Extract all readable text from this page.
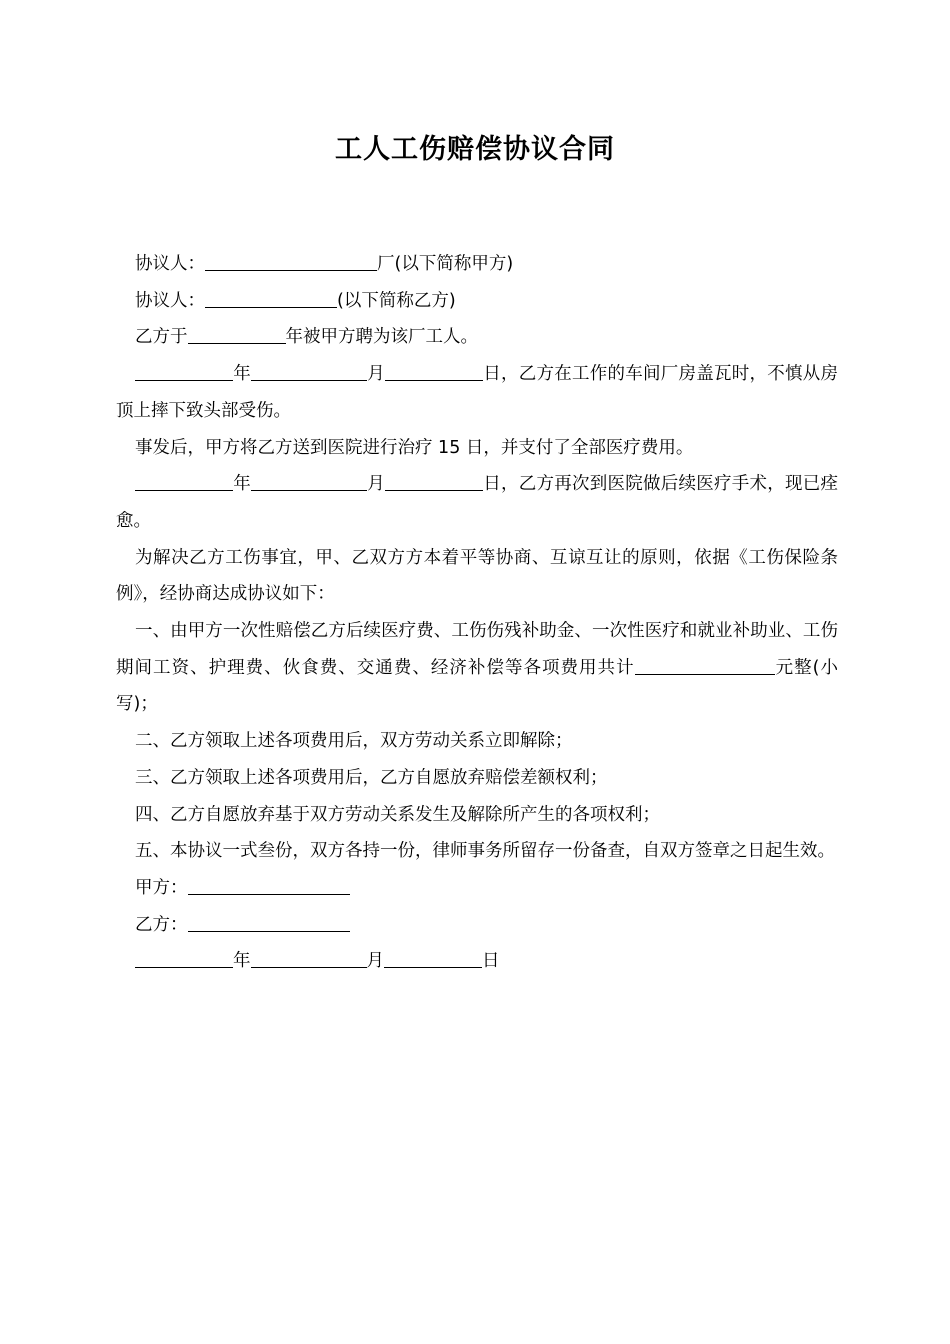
工人工伤赔偿协议合同

协议人：	厂(以下简称甲方)

协议人：	(以下简称乙方)

乙方于	年被甲方聘为该厂工人。

年	月	日，乙方在工作的车间厂房盖瓦时，不慎从房顶上摔下致头部受伤。

事发后，甲方将乙方送到医院进行治疗 15 日，并支付了全部医疗费用。

年	月	日，乙方再次到医院做后续医疗手术，现已痊愈。

为解决乙方工伤事宜，甲、乙双方方本着平等协商、互谅互让的原则，依据《工伤保险条例》，经协商达成协议如下：

一、由甲方一次性赔偿乙方后续医疗费、工伤伤残补助金、一次性医疗和就业补助业、工伤期间工资、护理费、伙食费、交通费、经济补偿等各项费用共计	元整(小写)；

二、乙方领取上述各项费用后，双方劳动关系立即解除；

三、乙方领取上述各项费用后，乙方自愿放弃赔偿差额权利；

四、乙方自愿放弃基于双方劳动关系发生及解除所产生的各项权利；

五、本协议一式叁份，双方各持一份，律师事务所留存一份备查，自双方签章之日起生效。

甲方：

乙方：

年	月	日
